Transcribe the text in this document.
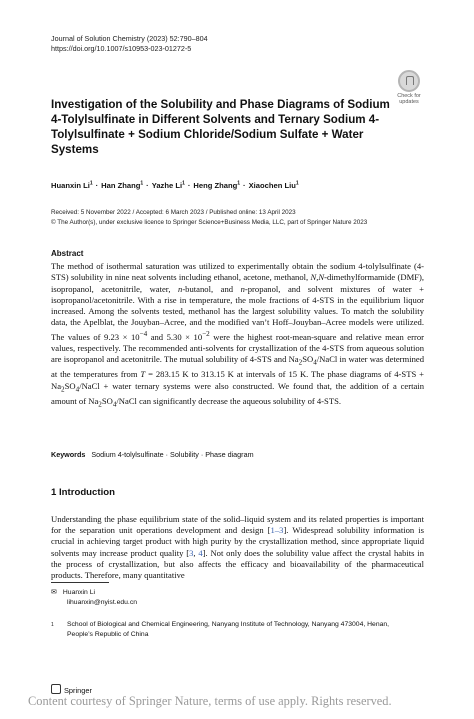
Journal of Solution Chemistry (2023) 52:790–804
https://doi.org/10.1007/s10953-023-01272-5
Check for
updates
Investigation of the Solubility and Phase Diagrams of Sodium 4-Tolylsulfinate in Different Solvents and Ternary Sodium 4-Tolylsulfinate + Sodium Chloride/Sodium Sulfate + Water Systems
Huanxin $Li^1$ · Han Zhang$^1$ · Yazhe $Li^1$ · Heng Zhang$^1$ · Xiaochen Liu$^1$
Received: 5 November 2022 / Accepted: 6 March 2023 / Published online: 13 April 2023
© The Author(s), under exclusive licence to Springer Science+Business Media, LLC, part of Springer Nature 2023
Abstract

The method of isothermal saturation was utilized to experimentally obtain the sodium 4-tolylsulfinate (4-STS) solubility in nine neat solvents including ethanol, acetone, methanol, N,N-dimethylformamide (DMF), isopropanol, acetonitrile, water, n-butanol, and n-propanol, and solvent mixtures of water + isopropanol/acetonitrile. With a rise in temperature, the mole fractions of 4-STS in the equilibrium liquor increased. Among the solvents tested, methanol has the largest solubility values. To match the solubility data, the Apelblat, the Jouyban–Acree, and the modified van’t Hoff–Jouyban–Acree models were utilized. The values of $9.23 \times 10^{-4}$ and $5.30 \times 10^{-2}$ were the highest root-mean-square and relative mean error values, respectively. The recommended anti-solvents for crystallization of the 4-STS from aqueous solution are isopropanol and acetonitrile. The mutual solubility of 4-STS and $Na_2SO_4$/NaCl in water was determined at the temperatures from T = 283.15 K to 313.15 K at intervals of 15 K. The phase diagrams of $4-STS + Na_2SO_4$/NaCl + water ternary systems were also constructed. We found that, the addition of a certain amount of $Na_2SO_4$/NaCl can significantly decrease the aqueous solubility of 4-STS.

Keywords Sodium 4-tolylsulfinate · Solubility · Phase diagram
1 Introduction

Understanding the phase equilibrium state of the solid–liquid system and its related properties is important for the separation unit operations development and design [1–3]. Widespread solubility information is crucial in achieving target product with high purity by the crystallization method, since appropriate liquid solvents may increase product quality [3, 4]. Not only does the solubility value affect the crystal habits in the process of crystallization, but also affects the efficacy and bioavailability of the pharmaceutical products. Therefore, many quantitative

✉ Huanxin Li
lihuanxin@nyist.edu.cn
1	School of Biological and Chemical Engineering, Nanyang Institute of Technology, Nanyang 473004, Henan, People’s Republic of China
Springer
Content courtesy of Springer Nature, terms of use apply. Rights reserved.
